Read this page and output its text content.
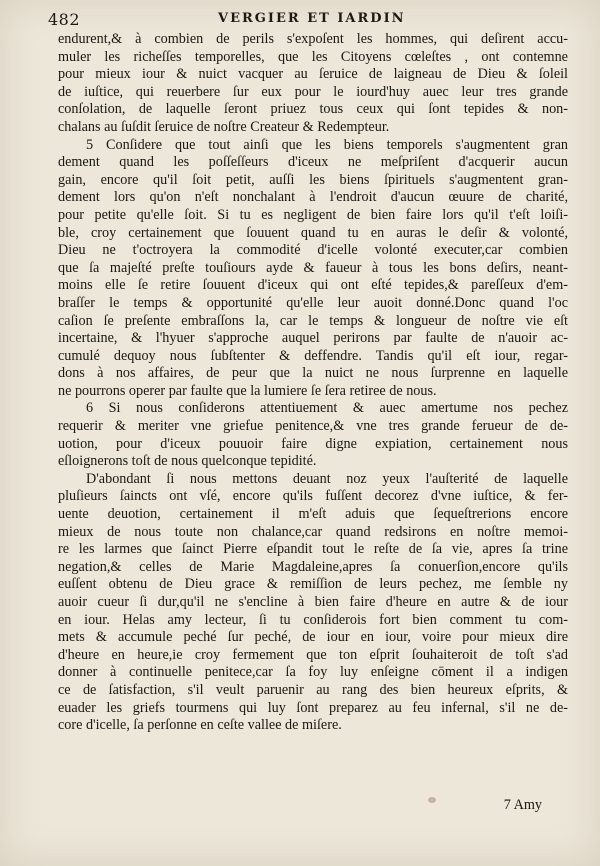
482	VERGIER ET IARDIN
endurent,& à combien de perils s'expoſent les hommes, qui deſirent accu-
muler les richeſſes temporelles, que les Citoyens cœleſtes , ont contemne
pour mieux iour & nuict vacquer au ſeruice de laigneau de Dieu & ſoleil
de iuſtice, qui reuerbere ſur eux pour le iourd'huy auec leur tres grande
conſolation, de laquelle ſeront priuez tous ceux qui ſont tepides & non-
chalans au ſuſdit ſeruice de noſtre Createur & Redempteur.
5 Conſidere que tout ainſi que les biens temporels s'augmentent gran
dement quand les poſſeſſeurs d'iceux ne meſpriſent d'acquerir aucun
gain, encore qu'il ſoit petit, auſſi les biens ſpirituels s'augmentent gran-
dement lors qu'on n'eſt nonchalant à l'endroit d'aucun œuure de charité,
pour petite qu'elle ſoit. Si tu es negligent de bien faire lors qu'il t'eſt loiſi-
ble, croy certainement que ſouuent quand tu en auras le deſir & volonté,
Dieu ne t'octroyera la commodité d'icelle volonté executer,car combien
que ſa majeſté preſte touſiours ayde & faueur à tous les bons deſirs, neant-
moins elle ſe retire ſouuent d'iceux qui ont eſté tepides,& pareſſeux d'em-
braſſer le temps & opportunité qu'elle leur auoit donné.Donc quand l'oc
caſion ſe preſente embraſſons la, car le temps & longueur de noſtre vie eſt
incertaine, & l'hyuer s'approche auquel perirons par faulte de n'auoir ac-
cumulé dequoy nous ſubſtenter & deffendre. Tandis qu'il eſt iour, regar-
dons à nos affaires, de peur que la nuict ne nous ſurprenne en laquelle
ne pourrons operer par faulte que la lumiere ſe ſera retiree de nous.
6 Si nous conſiderons attentiuement & auec amertume nos pechez
requerir & meriter vne griefue penitence,& vne tres grande ferueur de de-
uotion, pour d'iceux pouuoir faire digne expiation, certainement nous
eſloignerons toſt de nous quelconque tepidité.
D'abondant ſi nous mettons deuant noz yeux l'auſterité de laquelle
pluſieurs ſaincts ont vſé, encore qu'ils fuſſent decorez d'vne iuſtice, & fer-
uente deuotion, certainement il m'eſt aduis que ſequeſtrerions encore
mieux de nous toute non chalance,car quand redsirons en noſtre memoi-
re les larmes que ſainct Pierre eſpandit tout le reſte de ſa vie, apres ſa trine
negation,& celles de Marie Magdaleine,apres ſa conuerſion,encore qu'ils
euſſent obtenu de Dieu grace & remiſſion de leurs pechez, me ſemble ny
auoir cueur ſi dur,qu'il ne s'encline à bien faire d'heure en autre & de iour
en iour. Helas amy lecteur, ſi tu conſiderois fort bien comment tu com-
mets & accumule peché ſur peché, de iour en iour, voire pour mieux dire
d'heure en heure,ie croy fermement que ton eſprit ſouhaiteroit de toſt s'ad
donner à continuelle penitece,car ſa foy luy enſeigne cōment il a indigen
ce de ſatisfaction, s'il veult paruenir au rang des bien heureux eſprits, &
euader les griefs tourmens qui luy ſont preparez au feu infernal, s'il ne de-
core d'icelle, ſa perſonne en ceſte vallee de miſere.
7 Amy
